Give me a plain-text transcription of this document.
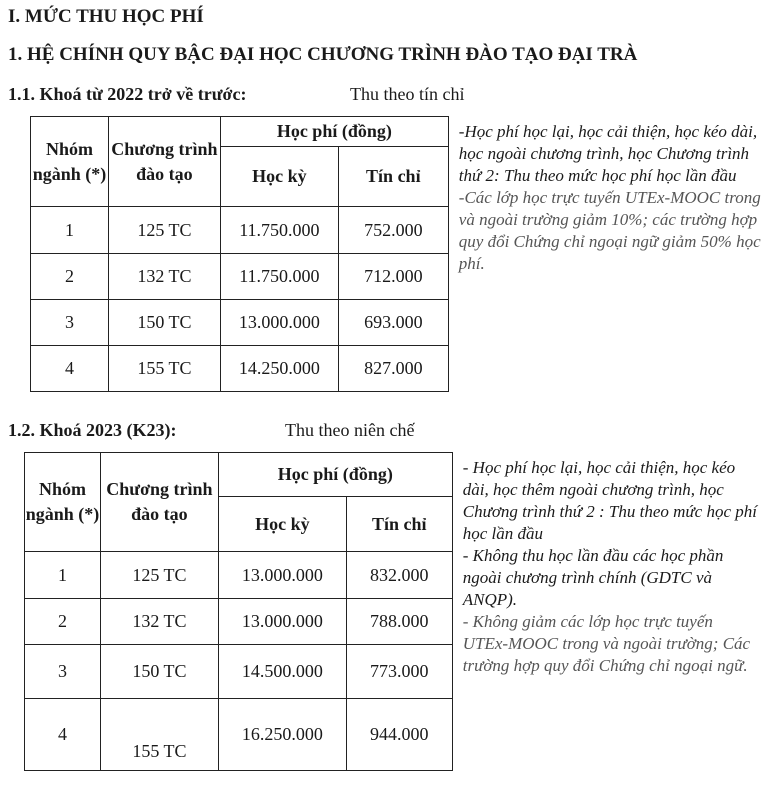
I. MỨC THU HỌC PHÍ
1. HỆ CHÍNH QUY BẬC ĐẠI HỌC CHƯƠNG TRÌNH ĐÀO TẠO ĐẠI TRÀ
1.1. Khoá từ 2022 trở về trước:	Thu theo tín chỉ
Nhóm ngành (*)	Chương trình đào tạo	Học phí (đồng)		-Học phí học lại, học cải thiện, học kéo dài, học ngoài chương trình, học Chương trình thứ 2: Thu theo mức học phí học lần đầu

-Các lớp học trực tuyến UTEx-MOOC trong và ngoài trường giảm 10%; các trường hợp quy đổi Chứng chỉ ngoại ngữ giảm 50% học phí.

		Học kỳ	Tín chỉ	
1	125 TC	11.750.000	752.000	
2	132 TC	11.750.000	712.000	
3	150 TC	13.000.000	693.000	
4	155 TC	14.250.000	827.000	
1.2. Khoá 2023 (K23):	Thu theo niên chế
Nhóm ngành (*)	Chương trình đào tạo	Học phí (đồng)		- Học phí học lại, học cải thiện, học kéo dài, học thêm ngoài chương trình, học Chương trình thứ 2 : Thu theo mức học phí học lần đầu

- Không thu học lần đầu các học phần ngoài chương trình chính (GDTC và ANQP).

- Không giảm các lớp học trực tuyến UTEx-MOOC trong và ngoài trường; Các trường hợp quy đổi Chứng chỉ ngoại ngữ.

		Học kỳ	Tín chỉ	
1	125 TC	13.000.000	832.000	
2	132 TC	13.000.000	788.000	
3	150 TC	14.500.000	773.000	
4	155 TC	16.250.000	944.000	
